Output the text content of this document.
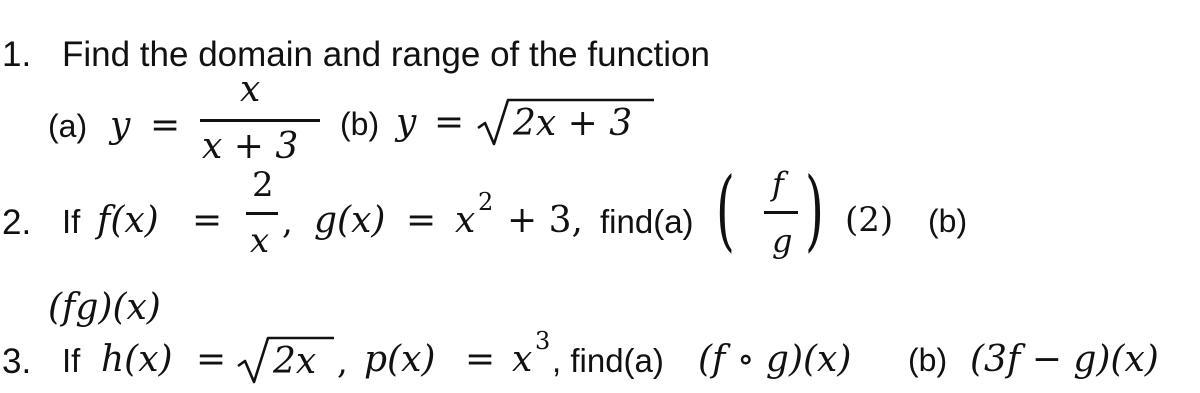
1. Find the domain and range of the function
(a) y =
x
x + 3
(b) y = 2x + 3
2. If f(x) =
2
x , g(x) = x 2 + 3, find(a) ( f
g ) (2) (b)
(fg)(x)
3. If h(x) = 2x , p(x) = x 3
, find(a) (f ∘ g)(x) (b) (3f − g)(x)
